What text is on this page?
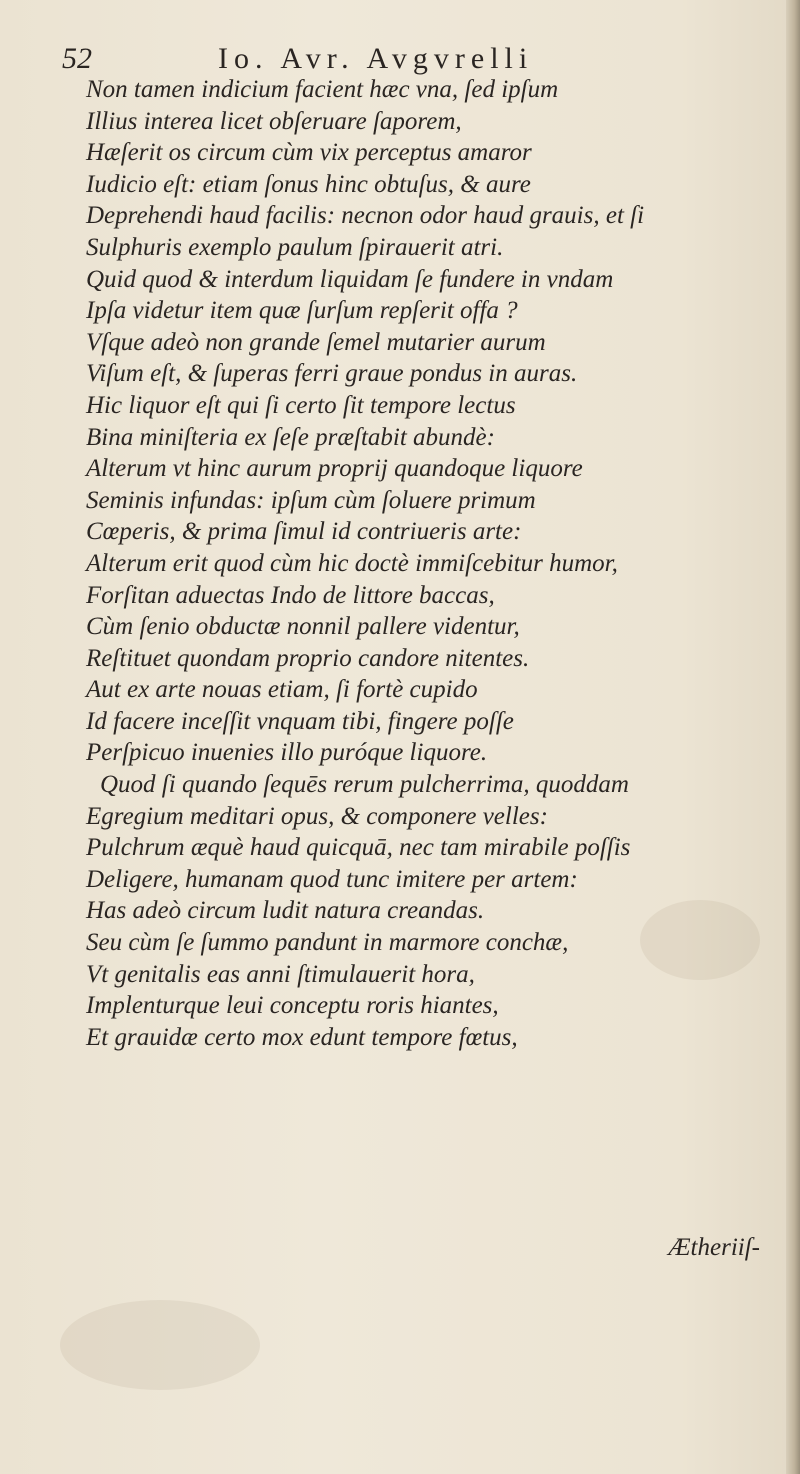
52	Io. Avr. Avgvrelli
Non tamen indicium facient hæc vna, ſed ipſum
Illius interea licet obſeruare ſaporem,
Hæſerit os circum cùm vix perceptus amaror
Iudicio eſt: etiam ſonus hinc obtuſus, & aure
Deprehendi haud facilis: necnon odor haud grauis, et ſi
Sulphuris exemplo paulum ſpirauerit atri.
Quid quod & interdum liquidam ſe fundere in vndam
Ipſa videtur item quæ ſurſum repſerit offa ?
Vſque adeò non grande ſemel mutarier aurum
Viſum eſt, & ſuperas ferri graue pondus in auras.
Hic liquor eſt qui ſi certo ſit tempore lectus
Bina miniſteria ex ſeſe præſtabit abundè:
Alterum vt hinc aurum proprij quandoque liquore
Seminis infundas: ipſum cùm ſoluere primum
Cœperis, & prima ſimul id contriueris arte:
Alterum erit quod cùm hic doctè immiſcebitur humor,
Forſitan aduectas Indo de littore baccas,
Cùm ſenio obductæ nonnil pallere videntur,
Reſtituet quondam proprio candore nitentes.
Aut ex arte nouas etiam, ſi fortè cupido
Id facere inceſſit vnquam tibi, fingere poſſe
Perſpicuo inuenies illo puróque liquore.
Quod ſi quando ſequēs rerum pulcherrima, quoddam
Egregium meditari opus, & componere velles:
Pulchrum æquè haud quicquā, nec tam mirabile poſſis
Deligere, humanam quod tunc imitere per artem:
Has adeò circum ludit natura creandas.
Seu cùm ſe ſummo pandunt in marmore conchæ,
Vt genitalis eas anni ſtimulauerit hora,
Implenturque leui conceptu roris hiantes,
Et grauidæ certo mox edunt tempore fœtus,
Ætheriiſ-
